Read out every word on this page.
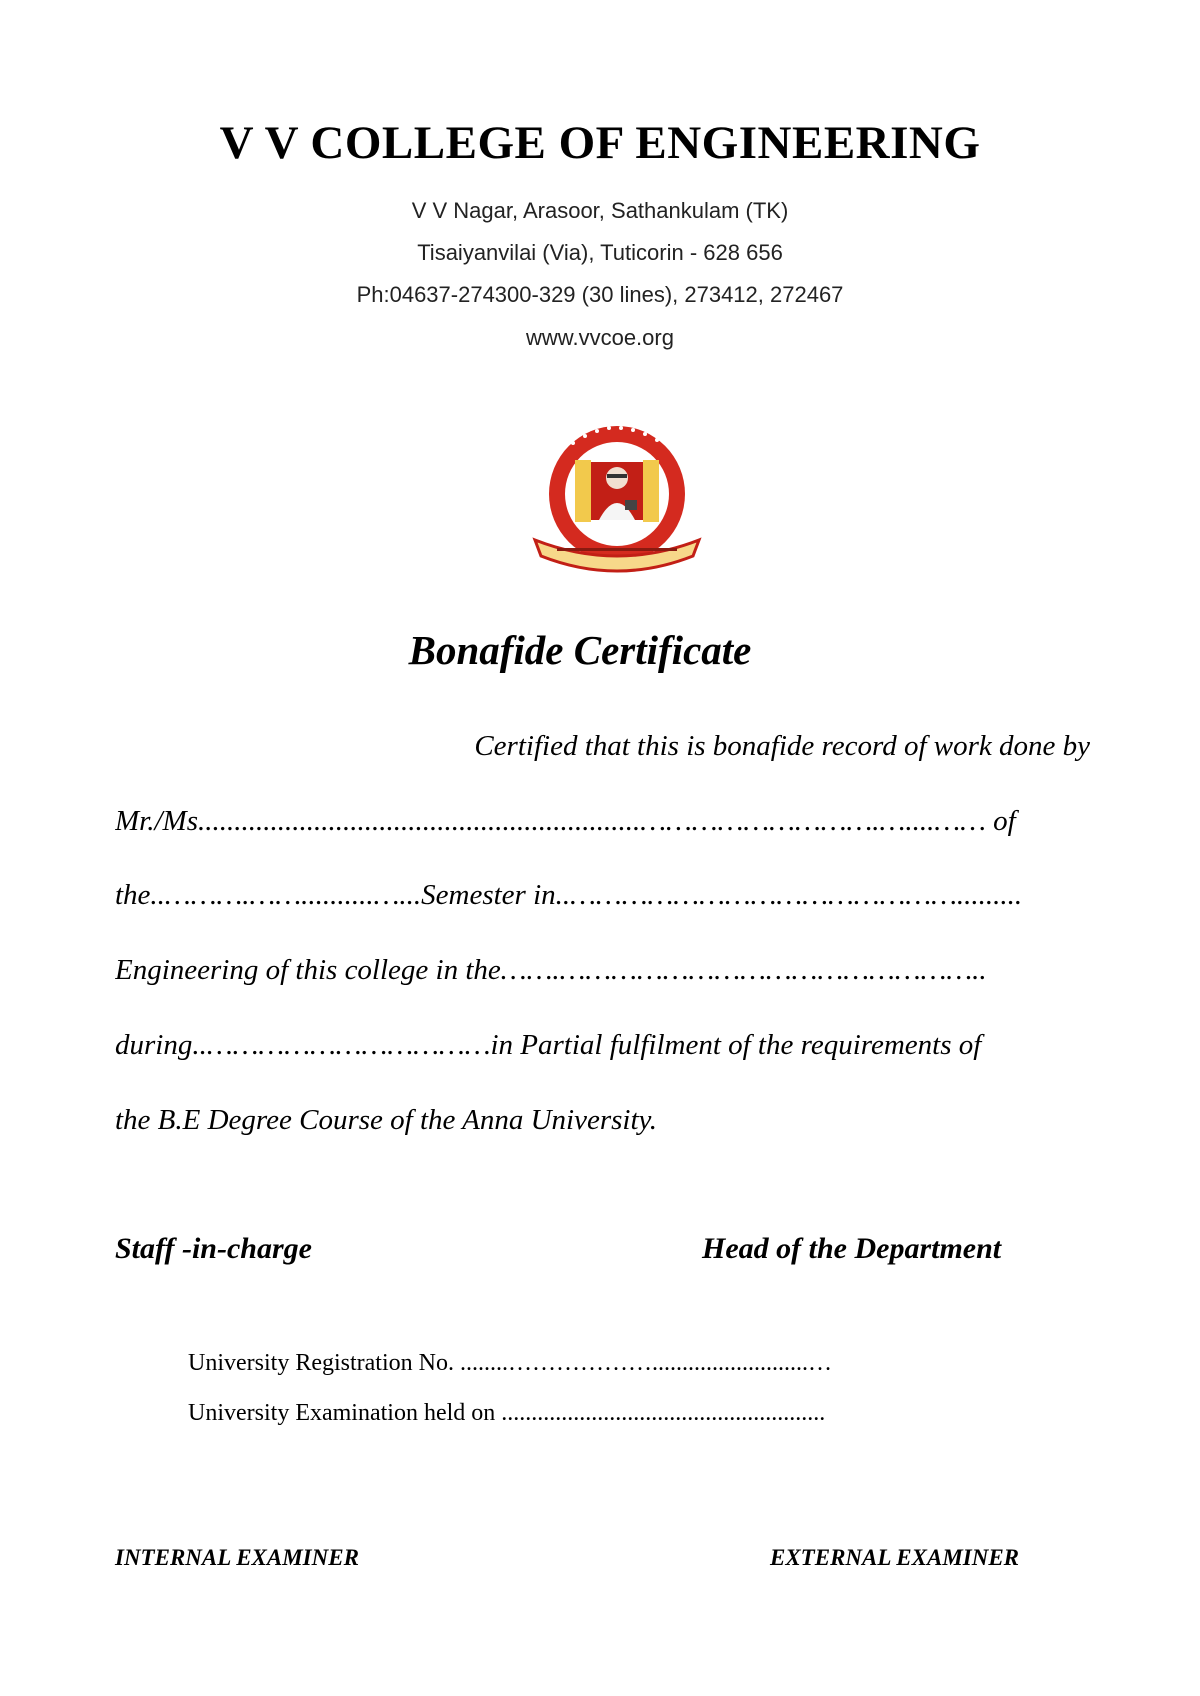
V V COLLEGE OF ENGINEERING
V V Nagar, Arasoor, Sathankulam (TK)
Tisaiyanvilai (Via), Tuticorin - 628 656
Ph:04637-274300-329 (30 lines), 273412, 272467
www.vvcoe.org
Bonafide Certificate
Certified that this is bonafide record of work done by
Mr./Ms.............................................................……………………….…....…… of
the..……….……..........…...Semester in..……………………………………….........
Engineering of this college in the…….…………………………………………..
during..……………………………in Partial fulfilment of the requirements of
the B.E Degree Course of the Anna University.
Staff -in-charge	Head of the Department
University Registration No. ........………………..........................…
University Examination held on ......................................................
INTERNAL EXAMINER	EXTERNAL EXAMINER
